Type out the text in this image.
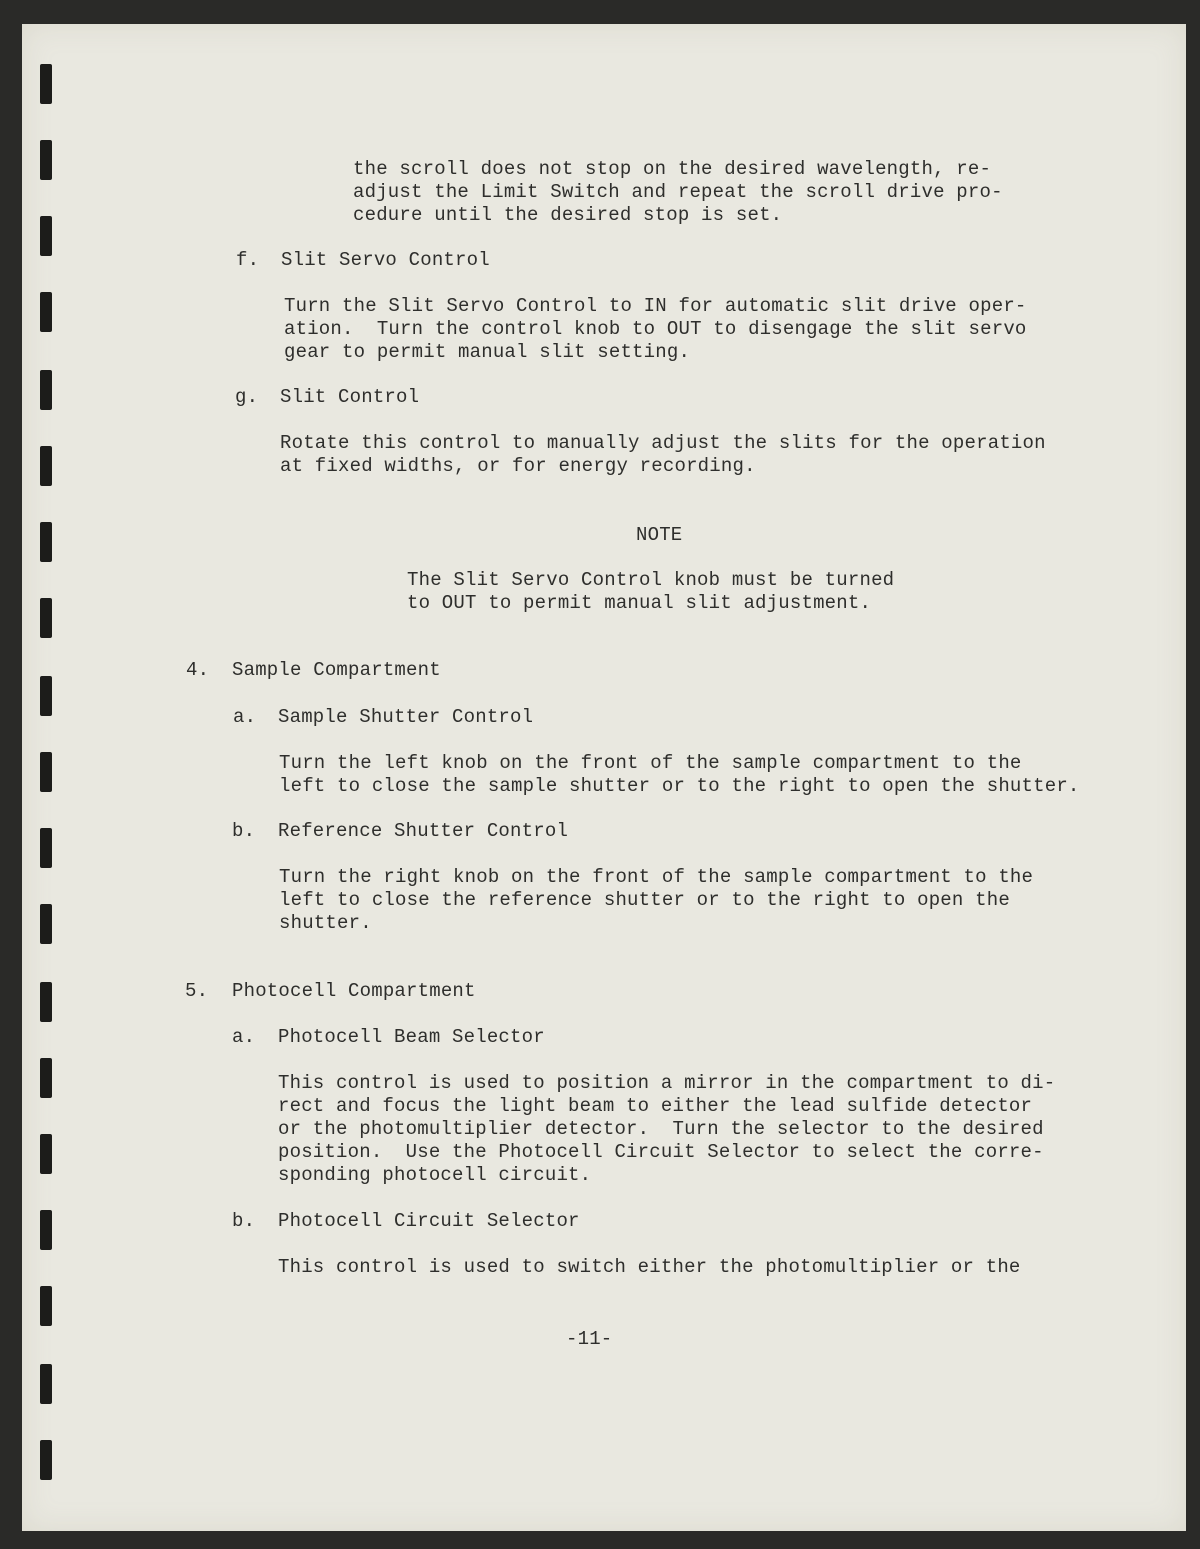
the scroll does not stop on the desired wavelength, re-

adjust the Limit Switch and repeat the scroll drive pro-

cedure until the desired stop is set.

f. Slit Servo Control

Turn the Slit Servo Control to IN for automatic slit drive oper-

ation.  Turn the control knob to OUT to disengage the slit servo

gear to permit manual slit setting.

g. Slit Control

Rotate this control to manually adjust the slits for the operation

at fixed widths, or for energy recording.

NOTE

The Slit Servo Control knob must be turned

to OUT to permit manual slit adjustment.

4. Sample Compartment
a. Sample Shutter Control

Turn the left knob on the front of the sample compartment to the

left to close the sample shutter or to the right to open the shutter.

b. Reference Shutter Control

Turn the right knob on the front of the sample compartment to the

left to close the reference shutter or to the right to open the

shutter.

5. Photocell Compartment
a. Photocell Beam Selector

This control is used to position a mirror in the compartment to di-

rect and focus the light beam to either the lead sulfide detector

or the photomultiplier detector.  Turn the selector to the desired

position.  Use the Photocell Circuit Selector to select the corre-

sponding photocell circuit.

b. Photocell Circuit Selector

This control is used to switch either the photomultiplier or the

-11-
